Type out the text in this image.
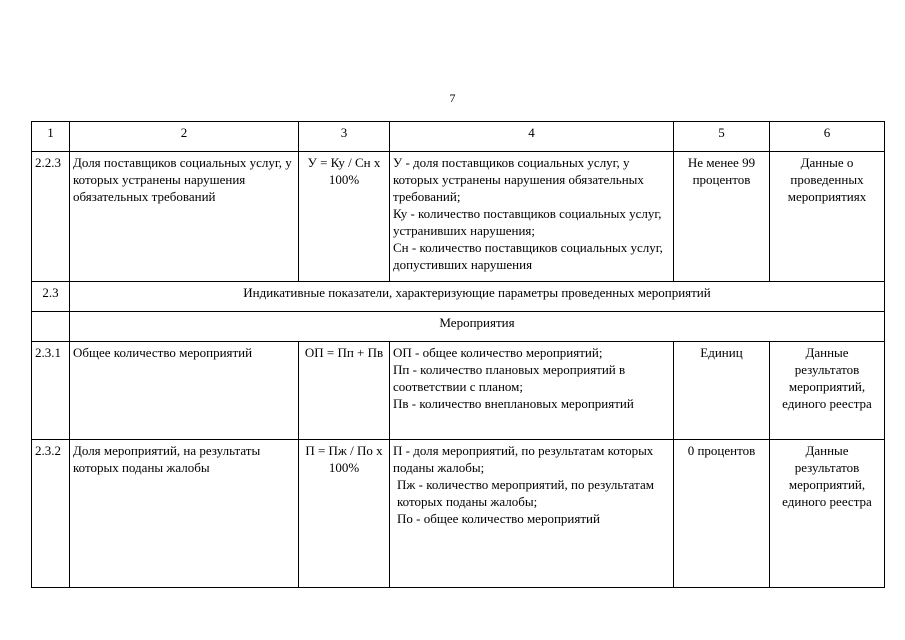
7
1	2	3	4	5	6
2.2.3	Доля поставщиков социальных услуг, у которых устранены нарушения обязательных требований	У = Ку / Сн x 100%	У - доля поставщиков социальных услуг, у которых устранены нарушения обязательных требований;
Ку - количество поставщиков социальных услуг, устранивших нарушения;
Сн - количество поставщиков социальных услуг, допустивших нарушения	Не менее 99 процентов	Данные о проведенных мероприятиях
2.3	Индикативные показатели, характеризующие параметры проведенных мероприятий				
	Мероприятия				
2.3.1	Общее количество мероприятий	ОП = Пп + Пв	ОП - общее количество мероприятий;
Пп - количество плановых мероприятий в соответствии с планом;
Пв - количество внеплановых мероприятий	Единиц	Данные результатов мероприятий, единого реестра
2.3.2	Доля мероприятий, на результаты которых поданы жалобы	П = Пж / По x 100%	П - доля мероприятий, по результатам которых поданы жалобы;
Пж - количество мероприятий, по результатам которых поданы жалобы;
По - общее количество мероприятий	0 процентов	Данные результатов мероприятий, единого реестра
